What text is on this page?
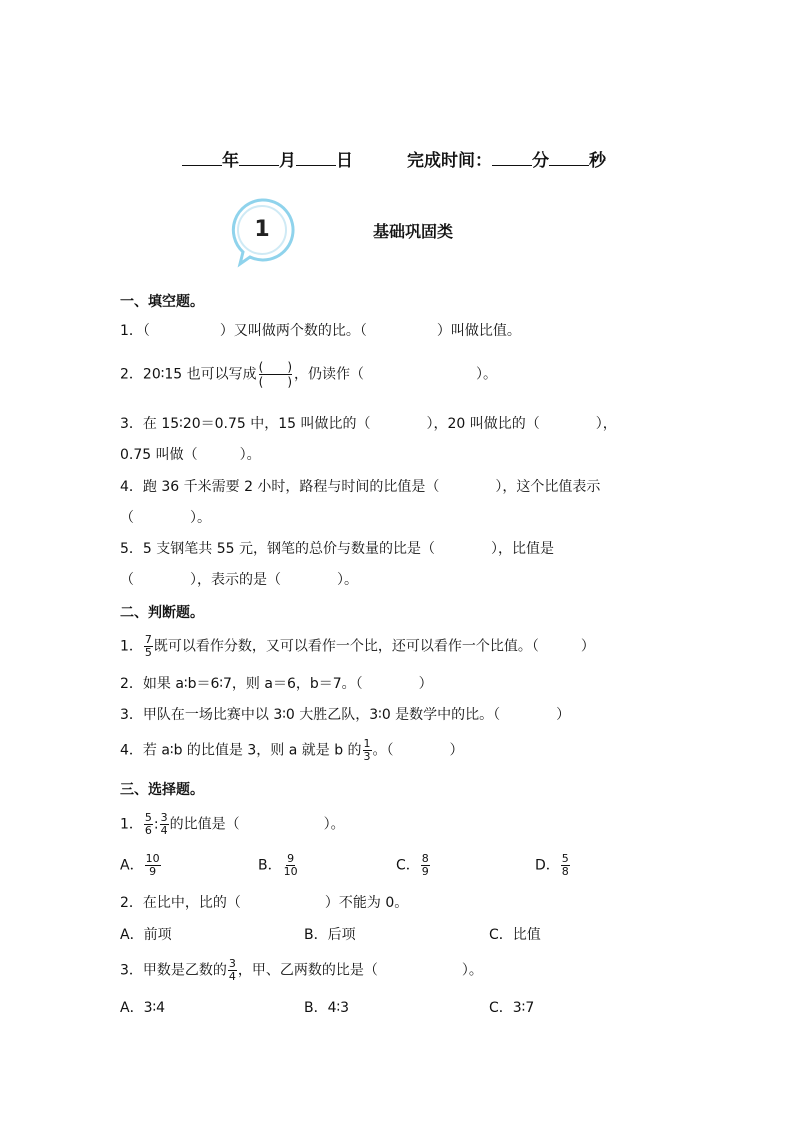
年 月 日	完成时间： 分 秒
1	基础巩固类
一、填空题。
1．（　　　　　）又叫做两个数的比。（　　　　　）叫做比值。
2．20∶15 也可以写成 $\frac{( )}{( )}$ ，仍读作（　　　　　　　　）。
3．在 15∶20＝0.75 中，15 叫做比的（　　　　），20 叫做比的（　　　　），
0.75 叫做（　　　）。
4．跑 36 千米需要 2 小时，路程与时间的比值是（　　　　），这个比值表示
（　　　　）。
5．5 支钢笔共 55 元，钢笔的总价与数量的比是（　　　　），比值是
（　　　　），表示的是（　　　　）。
二、判断题。
1． $\frac{7}{5}$ 既可以看作分数，又可以看作一个比，还可以看作一个比值。（　　　）
2．如果 a∶b＝6∶7，则 a＝6，b＝7。（　　　　）
3．甲队在一场比赛中以 3∶0 大胜乙队，3∶0 是数学中的比。（　　　　）
4．若 a∶b 的比值是 3，则 a 就是 b 的 $\frac{1}{3}$ 。（　　　　）
三、选择题。
1． $\frac{5}{6}$ : $\frac{3}{4}$ 的比值是（　　　　　　）。
A． $\frac{10}{9}$	B． $\frac{9}{10}$	C． $\frac{8}{9}$	D． $\frac{5}{8}$
2．在比中，比的（　　　　　　）不能为 0。
A．前项	B．后项	C．比值
3．甲数是乙数的 $\frac{3}{4}$ ，甲、乙两数的比是（　　　　　　）。
A．3∶4	B．4∶3	C．3∶7
